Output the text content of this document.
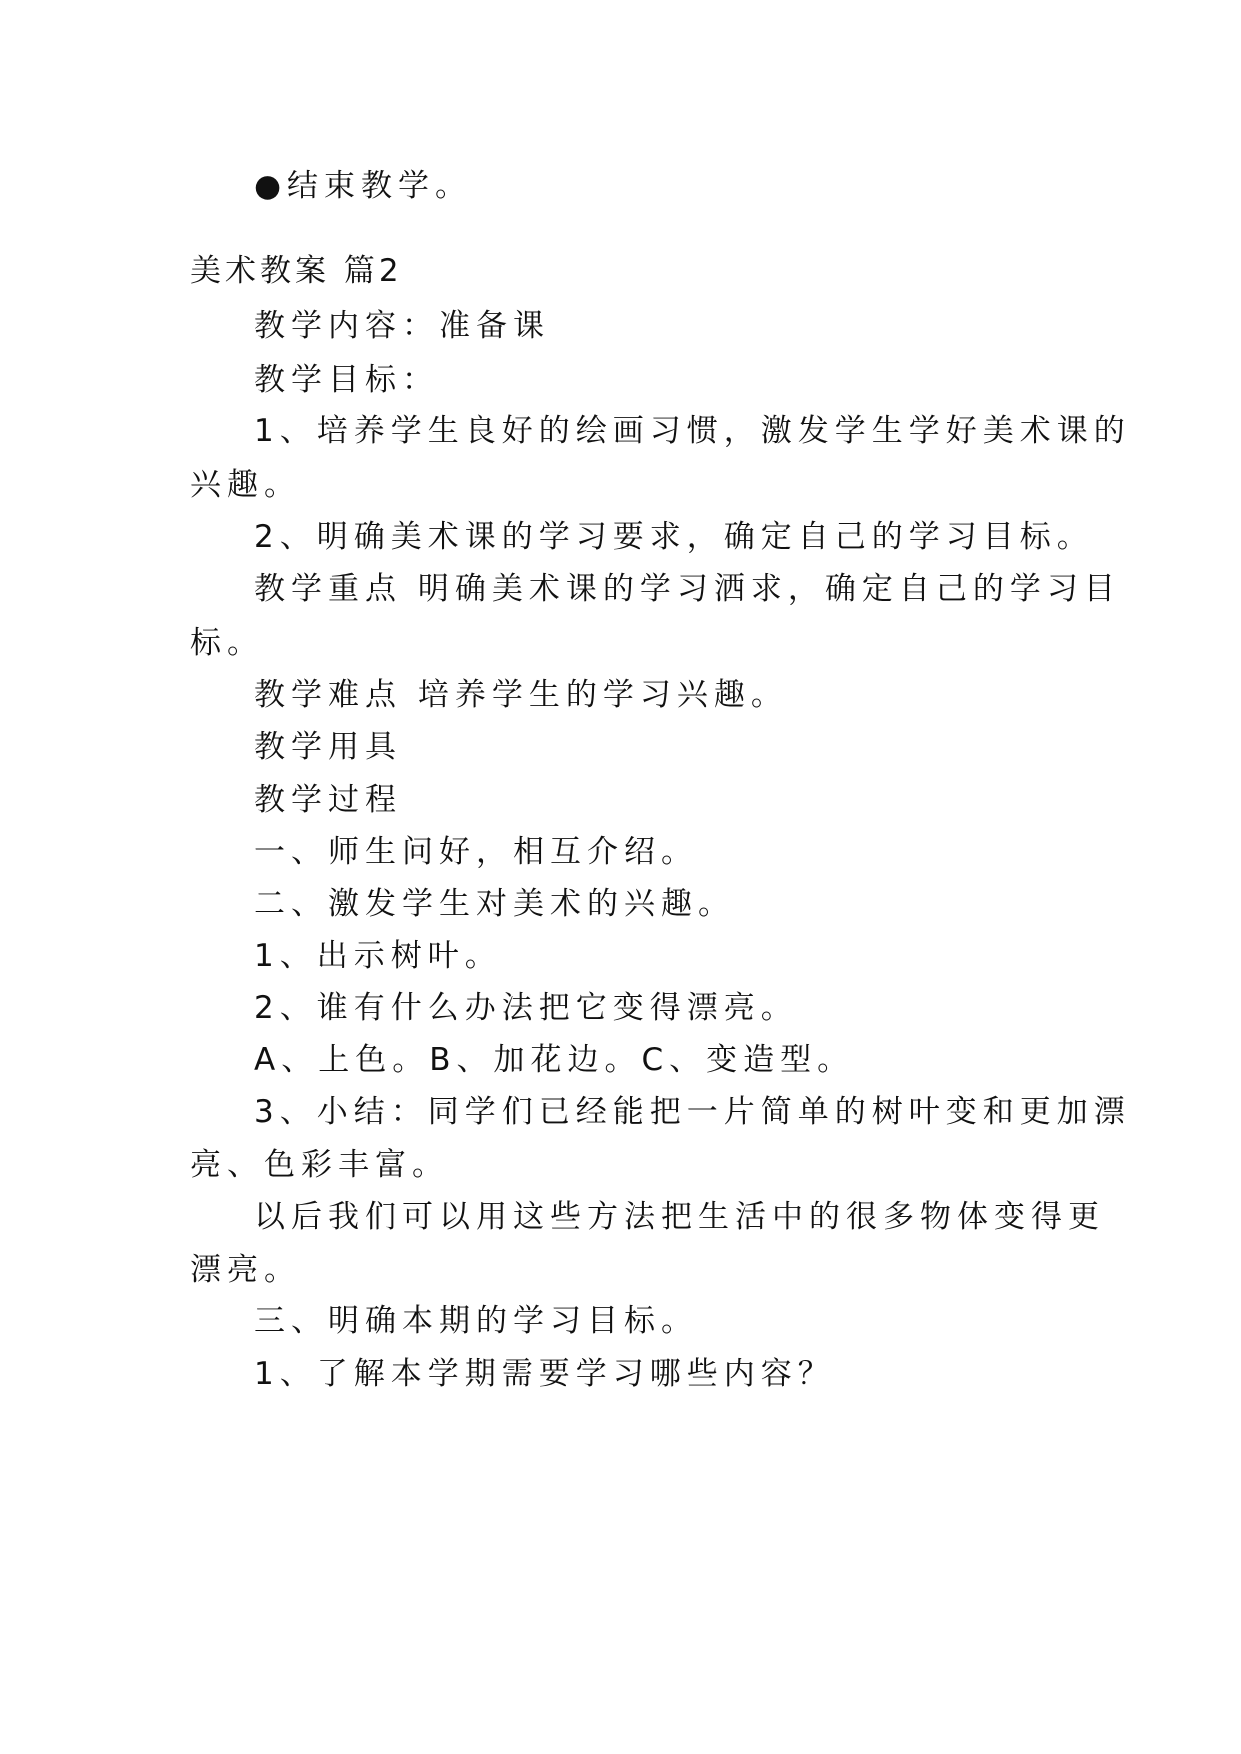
●结束教学。
美术教案 篇2
教学内容：准备课
教学目标：
1、培养学生良好的绘画习惯，激发学生学好美术课的
兴趣。
2、明确美术课的学习要求，确定自己的学习目标。
教学重点 明确美术课的学习洒求，确定自己的学习目
标。
教学难点 培养学生的学习兴趣。
教学用具
教学过程
一、师生问好，相互介绍。
二、激发学生对美术的兴趣。
1、出示树叶。
2、谁有什么办法把它变得漂亮。
A、上色。B、加花边。C、变造型。
3、小结：同学们已经能把一片简单的树叶变和更加漂
亮、色彩丰富。
以后我们可以用这些方法把生活中的很多物体变得更
漂亮。
三、明确本期的学习目标。
1、了解本学期需要学习哪些内容？
